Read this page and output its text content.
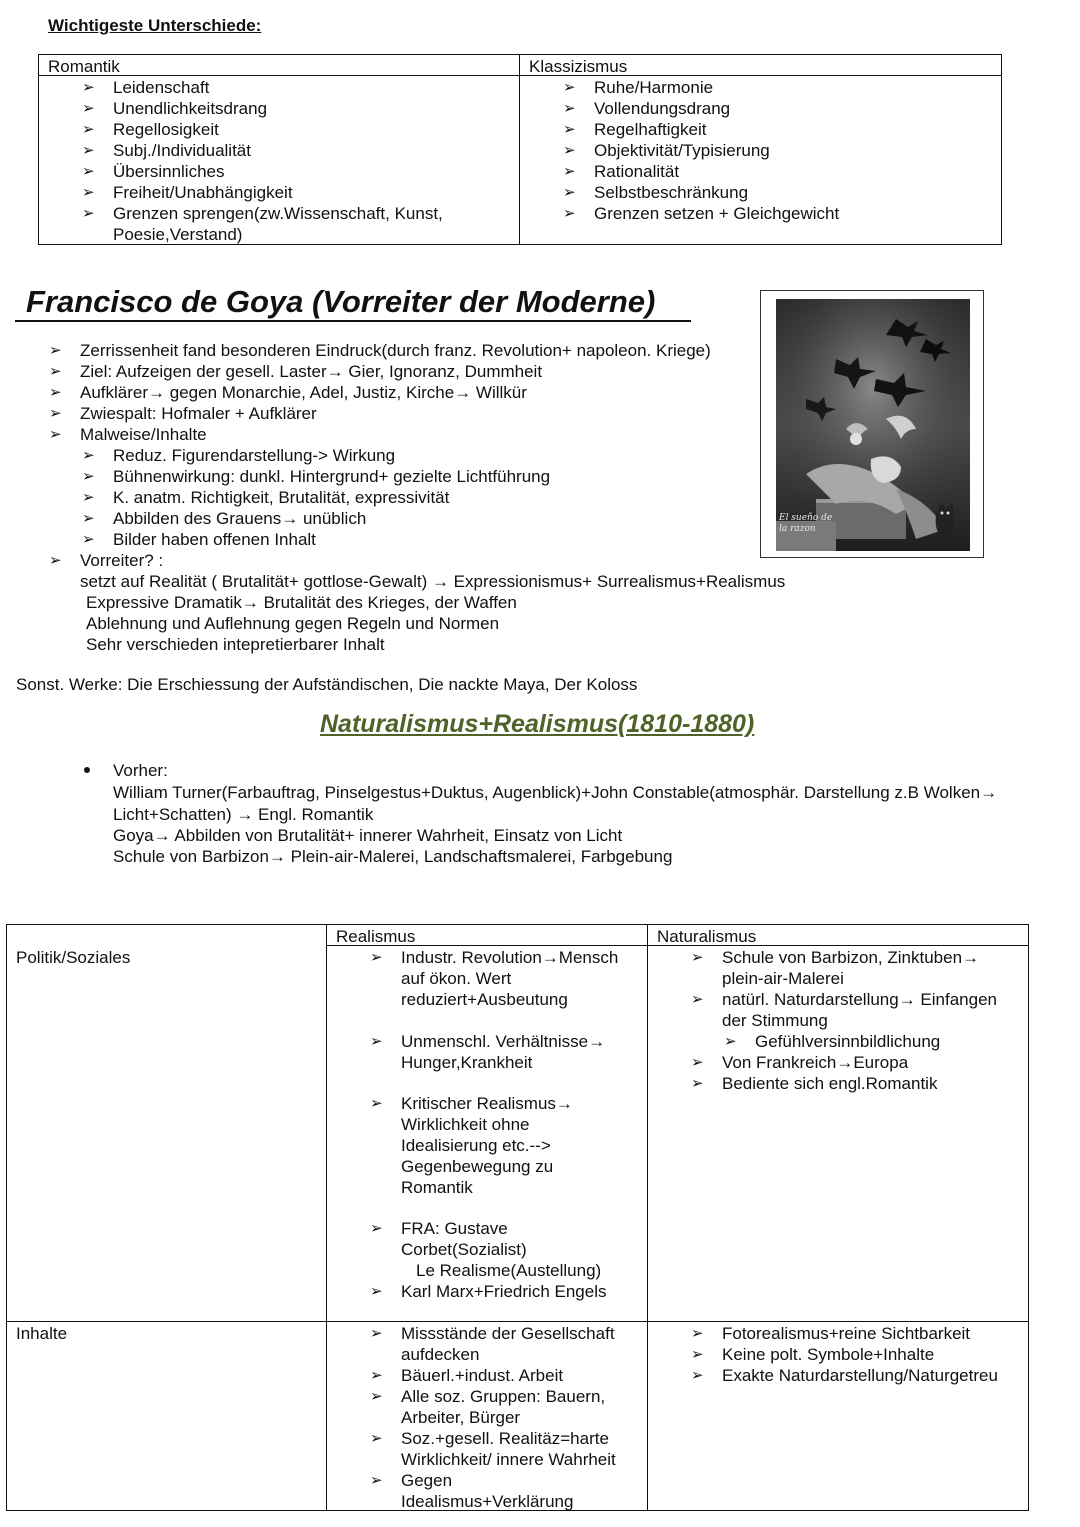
Wichtigeste Unterschiede:
Romantik	Klassizismus
➢ Leidenschaft
➢ Unendlichkeitsdrang
➢ Regellosigkeit
➢ Subj./Individualität
➢ Übersinnliches
➢ Freiheit/Unabhängigkeit
➢ Grenzen sprengen(zw.Wissenschaft, Kunst,
Poesie,Verstand)
➢ Ruhe/Harmonie
➢ Vollendungsdrang
➢ Regelhaftigkeit
➢ Objektivität/Typisierung
➢ Rationalität
➢ Selbstbeschränkung
➢ Grenzen setzen + Gleichgewicht
Francisco de Goya (Vorreiter der Moderne)
El sueño de la razon
➢ Zerrissenheit fand besonderen Eindruck(durch franz. Revolution+ napoleon. Kriege)
➢ Ziel: Aufzeigen der gesell. Laster→ Gier, Ignoranz, Dummheit
➢ Aufklärer→ gegen Monarchie, Adel, Justiz, Kirche→ Willkür
➢ Zwiespalt: Hofmaler + Aufklärer
➢ Malweise/Inhalte
➢ Reduz. Figurendarstellung-> Wirkung
➢ Bühnenwirkung: dunkl. Hintergrund+ gezielte Lichtführung
➢ K. anatm. Richtigkeit, Brutalität, expressivität
➢ Abbilden des Grauens→ unüblich
➢ Bilder haben offenen Inhalt
➢ Vorreiter? :
setzt auf Realität ( Brutalität+ gottlose-Gewalt) → Expressionismus+ Surrealismus+Realismus
Expressive Dramatik→ Brutalität des Krieges, der Waffen
Ablehnung und Auflehnung gegen Regeln und Normen
Sehr verschieden intepretierbarer Inhalt
Sonst. Werke: Die Erschiessung der Aufständischen, Die nackte Maya, Der Koloss
Naturalismus+Realismus(1810-1880)
Vorher:
William Turner(Farbauftrag, Pinselgestus+Duktus, Augenblick)+John Constable(atmosphär. Darstellung z.B Wolken→
Licht+Schatten) → Engl. Romantik
Goya→ Abbilden von Brutalität+ innerer Wahrheit, Einsatz von Licht
Schule von Barbizon→ Plein-air-Malerei, Landschaftsmalerei, Farbgebung
Realismus	Naturalismus
Politik/Soziales
Inhalte
➢ Industr. Revolution→Mensch
auf ökon. Wert
reduziert+Ausbeutung
➢ Unmenschl. Verhältnisse→
Hunger,Krankheit
➢ Kritischer Realismus→
Wirklichkeit ohne
Idealisierung etc.-->
Gegenbewegung zu
Romantik
➢ FRA: Gustave
Corbet(Sozialist)
Le Realisme(Austellung)
➢ Karl Marx+Friedrich Engels
➢ Schule von Barbizon, Zinktuben→
plein-air-Malerei
➢ natürl. Naturdarstellung→ Einfangen
der Stimmung
➢ Gefühlversinnbildlichung
➢ Von Frankreich→Europa
➢ Bediente sich engl.Romantik
➢ Missstände der Gesellschaft
aufdecken
➢ Bäuerl.+indust. Arbeit
➢ Alle soz. Gruppen: Bauern,
Arbeiter, Bürger
➢ Soz.+gesell. Realitäz=harte
Wirklichkeit/ innere Wahrheit
➢ Gegen
Idealismus+Verklärung
➢ Fotorealismus+reine Sichtbarkeit
➢ Keine polt. Symbole+Inhalte
➢ Exakte Naturdarstellung/Naturgetreu
